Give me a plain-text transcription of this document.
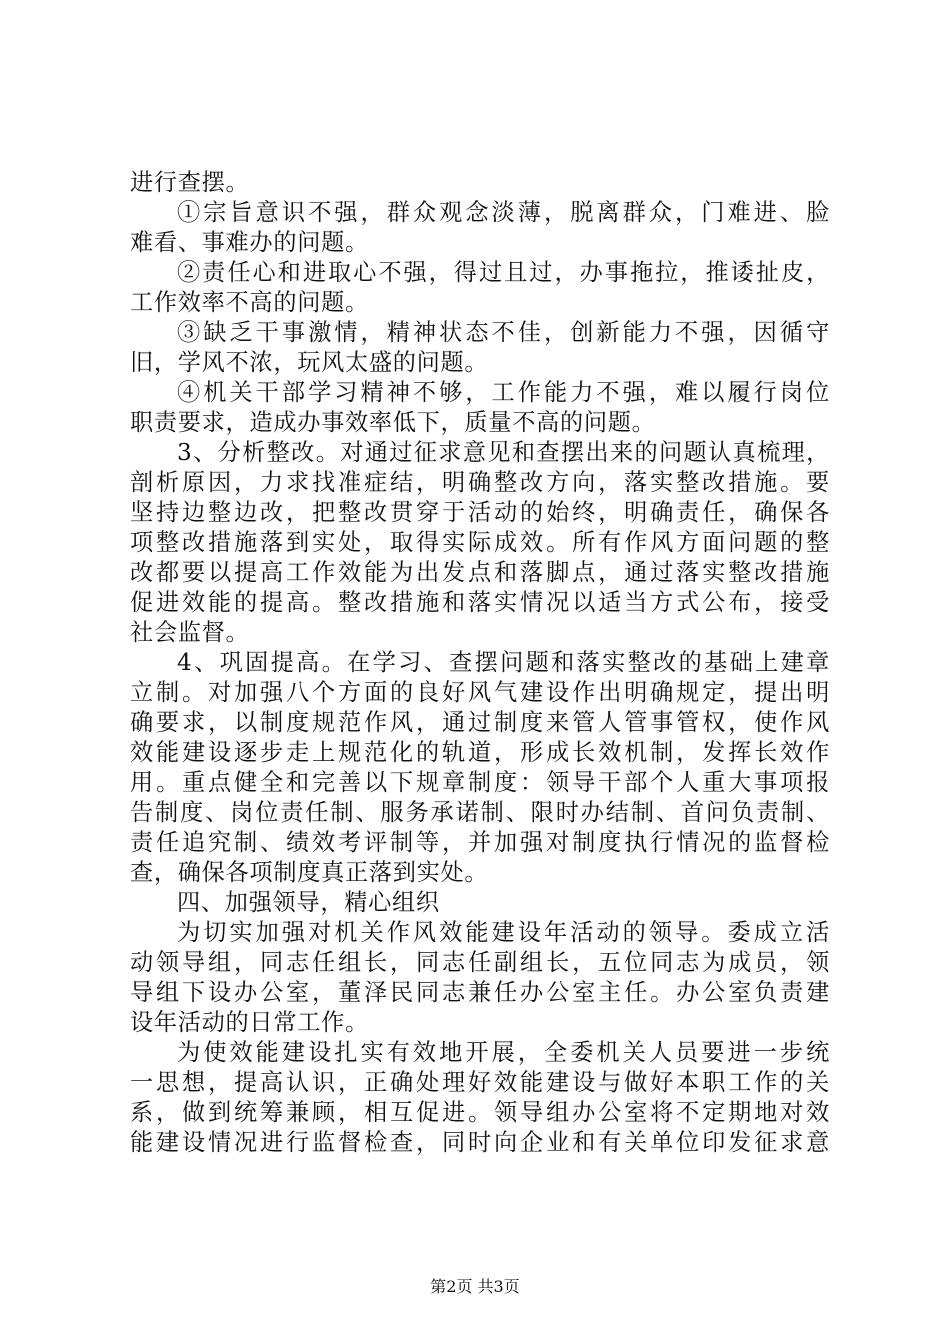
进行查摆。
①宗旨意识不强，群众观念淡薄，脱离群众，门难进、脸
难看、事难办的问题。
②责任心和进取心不强，得过且过，办事拖拉，推诿扯皮，
工作效率不高的问题。
③缺乏干事激情，精神状态不佳，创新能力不强，因循守
旧，学风不浓，玩风太盛的问题。
④机关干部学习精神不够，工作能力不强，难以履行岗位
职责要求，造成办事效率低下，质量不高的问题。
3、分析整改。对通过征求意见和查摆出来的问题认真梳理，
剖析原因，力求找准症结，明确整改方向，落实整改措施。要
坚持边整边改，把整改贯穿于活动的始终，明确责任，确保各
项整改措施落到实处，取得实际成效。所有作风方面问题的整
改都要以提高工作效能为出发点和落脚点，通过落实整改措施
促进效能的提高。整改措施和落实情况以适当方式公布，接受
社会监督。
4、巩固提高。在学习、查摆问题和落实整改的基础上建章
立制。对加强八个方面的良好风气建设作出明确规定，提出明
确要求，以制度规范作风，通过制度来管人管事管权，使作风
效能建设逐步走上规范化的轨道，形成长效机制，发挥长效作
用。重点健全和完善以下规章制度：领导干部个人重大事项报
告制度、岗位责任制、服务承诺制、限时办结制、首问负责制、
责任追究制、绩效考评制等，并加强对制度执行情况的监督检
查，确保各项制度真正落到实处。
四、加强领导，精心组织
为切实加强对机关作风效能建设年活动的领导。委成立活
动领导组，同志任组长，同志任副组长，五位同志为成员，领
导组下设办公室，董泽民同志兼任办公室主任。办公室负责建
设年活动的日常工作。
为使效能建设扎实有效地开展，全委机关人员要进一步统
一思想，提高认识，正确处理好效能建设与做好本职工作的关
系，做到统筹兼顾，相互促进。领导组办公室将不定期地对效
能建设情况进行监督检查，同时向企业和有关单位印发征求意
第2页 共3页
